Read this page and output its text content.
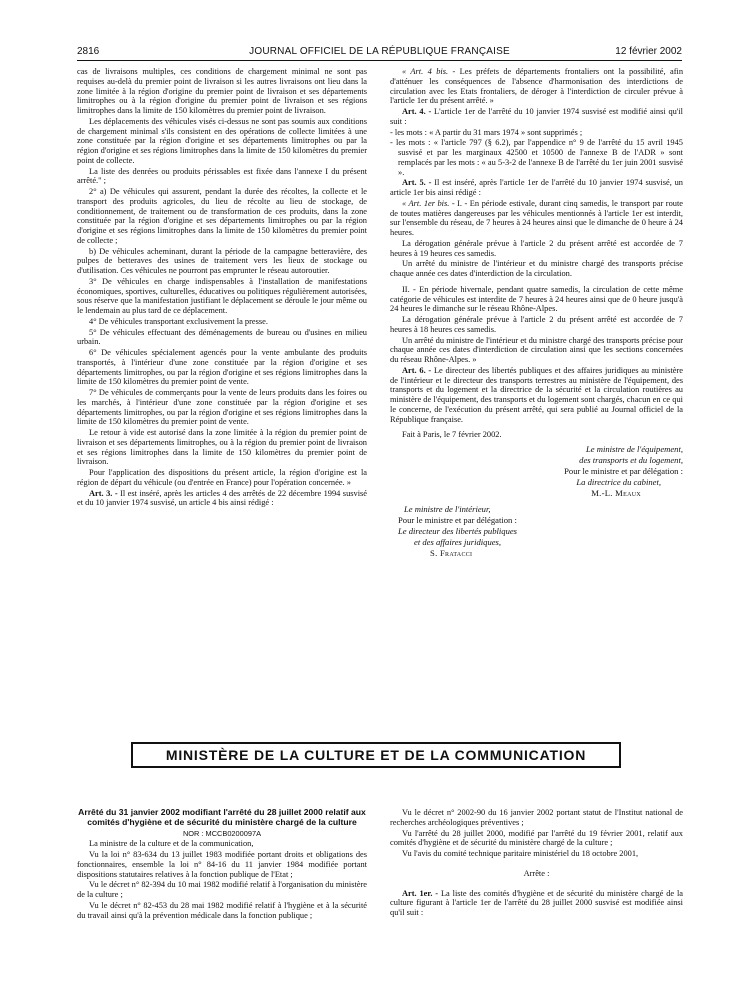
2816	JOURNAL OFFICIEL DE LA RÉPUBLIQUE FRANÇAISE	12 février 2002

cas de livraisons multiples, ces conditions de chargement minimal ne sont pas requises au-delà du premier point de livraison si les autres livraisons ont lieu dans la zone limitée à la région d'origine du premier point de livraison et ses départements limitrophes ou à la région d'origine du premier point de livraison et ses régions limitrophes dans la limite de 150 kilomètres du premier point de livraison.

Les déplacements des véhicules visés ci-dessus ne sont pas soumis aux conditions de chargement minimal s'ils consistent en des opérations de collecte limitées à une zone constituée par la région d'origine et ses départements limitrophes ou par la région d'origine et ses régions limitrophes dans la limite de 150 kilomètres du premier point de collecte.

La liste des denrées ou produits périssables est fixée dans l'annexe I du présent arrêté." ;

2° a) De véhicules qui assurent, pendant la durée des récoltes, la collecte et le transport des produits agricoles, du lieu de récolte au lieu de stockage, de conditionnement, de traitement ou de transformation de ces produits, dans la zone constituée par la région d'origine et ses départements limitrophes ou par la région d'origine et ses régions limitrophes dans la limite de 150 kilomètres du premier point de collecte ;

b) De véhicules acheminant, durant la période de la campagne betteravière, des pulpes de betteraves des usines de traitement vers les lieux de stockage ou d'utilisation. Ces véhicules ne pourront pas emprunter le réseau autoroutier.

3° De véhicules en charge indispensables à l'installation de manifestations économiques, sportives, culturelles, éducatives ou politiques régulièrement autorisées, sous réserve que la manifestation justifiant le déplacement se déroule le jour même ou le lendemain au plus tard de ce déplacement.

4° De véhicules transportant exclusivement la presse.

5° De véhicules effectuant des déménagements de bureau ou d'usines en milieu urbain.

6° De véhicules spécialement agencés pour la vente ambulante des produits transportés, à l'intérieur d'une zone constituée par la région d'origine et ses départements limitrophes, ou par la région d'origine et ses régions limitrophes dans la limite de 150 kilomètres du premier point de vente.

7° De véhicules de commerçants pour la vente de leurs produits dans les foires ou les marchés, à l'intérieur d'une zone constituée par la région d'origine et ses départements limitrophes, ou par la région d'origine et ses régions limitrophes dans la limite de 150 kilomètres du premier point de vente.

Le retour à vide est autorisé dans la zone limitée à la région du premier point de livraison et ses départements limitrophes, ou à la région du premier point de livraison et ses régions limitrophes dans la limite de 150 kilomètres du premier point de livraison.

Pour l'application des dispositions du présent article, la région d'origine est la région de départ du véhicule (ou d'entrée en France) pour l'opération concernée. »

Art. 3. - Il est inséré, après les articles 4 des arrêtés de 22 décembre 1994 susvisé et du 10 janvier 1974 susvisé, un article 4 bis ainsi rédigé :

« Art. 4 bis. - Les préfets de départements frontaliers ont la possibilité, afin d'atténuer les conséquences de l'absence d'harmonisation des interdictions de circulation avec les Etats frontaliers, de déroger à l'interdiction de circuler prévue à l'article 1er du présent arrêté. »

Art. 4. - L'article 1er de l'arrêté du 10 janvier 1974 susvisé est modifié ainsi qu'il suit :

- les mots : « A partir du 31 mars 1974 » sont supprimés ;

- les mots : « l'article 797 (§ 6.2), par l'appendice n° 9 de l'arrêté du 15 avril 1945 susvisé et par les marginaux 42500 et 10500 de l'annexe B de l'ADR » sont remplacés par les mots : « au 5-3-2 de l'annexe B de l'arrêté du 1er juin 2001 susvisé ».

Art. 5. - Il est inséré, après l'article 1er de l'arrêté du 10 janvier 1974 susvisé, un article 1er bis ainsi rédigé :

« Art. 1er bis. - I. - En période estivale, durant cinq samedis, le transport par route de toutes matières dangereuses par les véhicules mentionnés à l'article 1er est interdit, sur l'ensemble du réseau, de 7 heures à 24 heures ainsi que le dimanche de 0 heure à 24 heures.

La dérogation générale prévue à l'article 2 du présent arrêté est accordée de 7 heures à 19 heures ces samedis.

Un arrêté du ministre de l'intérieur et du ministre chargé des transports précise chaque année ces dates d'interdiction de la circulation.

II. - En période hivernale, pendant quatre samedis, la circulation de cette même catégorie de véhicules est interdite de 7 heures à 24 heures ainsi que de 0 heure jusqu'à 24 heures le dimanche sur le réseau Rhône-Alpes.

La dérogation générale prévue à l'article 2 du présent arrêté est accordée de 7 heures à 18 heures ces samedis.

Un arrêté du ministre de l'intérieur et du ministre chargé des transports précise pour chaque année ces dates d'interdiction de circulation ainsi que les sections concernées du réseau Rhône-Alpes. »

Art. 6. - Le directeur des libertés publiques et des affaires juridiques au ministère de l'intérieur et le directeur des transports terrestres au ministère de l'équipement, des transports et du logement et la directrice de la sécurité et la circulation routières au ministère de l'équipement, des transports et du logement sont chargés, chacun en ce qui le concerne, de l'exécution du présent arrêté, qui sera publié au Journal officiel de la République française.

Fait à Paris, le 7 février 2002.

Le ministre de l'équipement,

des transports et du logement,

Pour le ministre et par délégation :

La directrice du cabinet,

M.-L. Meaux

Le ministre de l'intérieur,

Pour le ministre et par délégation :

Le directeur des libertés publiques

et des affaires juridiques,

S. Fratacci

MINISTÈRE DE LA CULTURE ET DE LA COMMUNICATION

Arrêté du 31 janvier 2002 modifiant l'arrêté du 28 juillet 2000 relatif aux comités d'hygiène et de sécurité du ministère chargé de la culture

NOR : MCCB0200097A

La ministre de la culture et de la communication,

Vu la loi n° 83-634 du 13 juillet 1983 modifiée portant droits et obligations des fonctionnaires, ensemble la loi n° 84-16 du 11 janvier 1984 modifiée portant dispositions statutaires relatives à la fonction publique de l'Etat ;

Vu le décret n° 82-394 du 10 mai 1982 modifié relatif à l'organisation du ministère de la culture ;

Vu le décret n° 82-453 du 28 mai 1982 modifié relatif à l'hygiène et à la sécurité du travail ainsi qu'à la prévention médicale dans la fonction publique ;

Vu le décret n° 2002-90 du 16 janvier 2002 portant statut de l'Institut national de recherches archéologiques préventives ;

Vu l'arrêté du 28 juillet 2000, modifié par l'arrêté du 19 février 2001, relatif aux comités d'hygiène et de sécurité du ministère chargé de la culture ;

Vu l'avis du comité technique paritaire ministériel du 18 octobre 2001,

Arrête :

Art. 1er. - La liste des comités d'hygiène et de sécurité du ministère chargé de la culture figurant à l'article 1er de l'arrêté du 28 juillet 2000 susvisé est modifiée ainsi qu'il suit :
